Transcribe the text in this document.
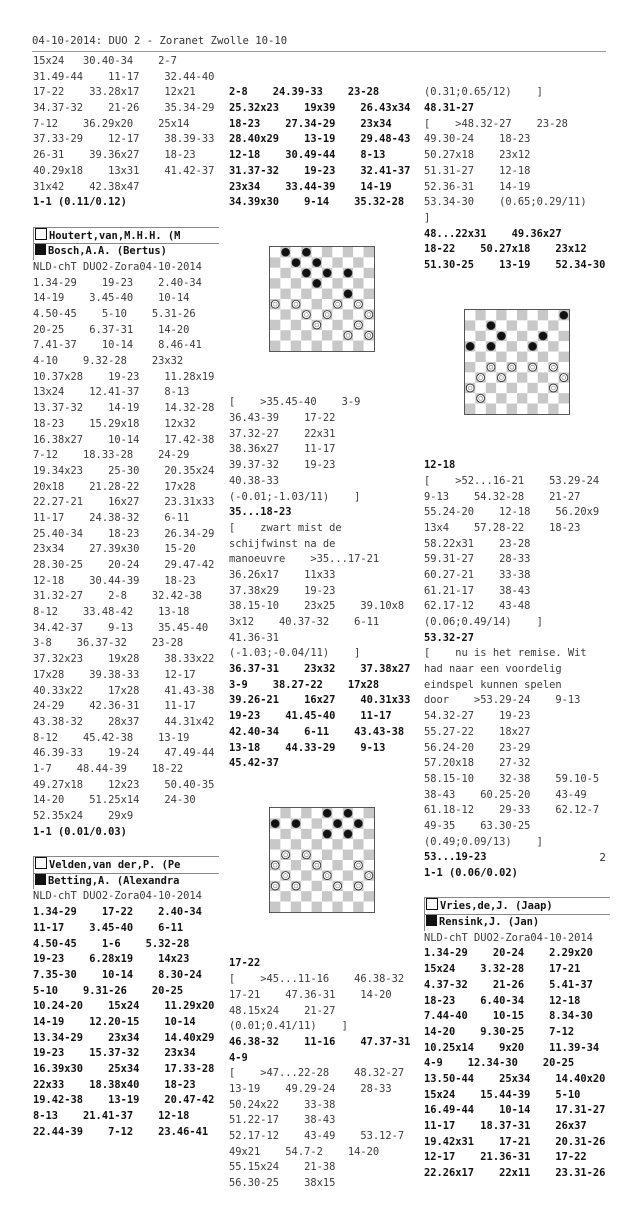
04-10-2014: DUO 2 - Zoranet Zwolle 10-10
15x24   30.40-34    2-7
31.49-44    11-17    32.44-40
17-22    33.28x17    12x21
34.37-32    21-26    35.34-29
7-12    36.29x20    25x14
37.33-29    12-17    38.39-33
26-31    39.36x27    18-23
40.29x18    13x31    41.42-37
31x42    42.38x47
1-1 (0.11/0.12)
Houtert,van,M.H.H. (M
Bosch,A.A. (Bertus)
NLD-chT DUO2-Zora04-10-2014
1.34-29    19-23    2.40-34
14-19    3.45-40    10-14
4.50-45    5-10    5.31-26
20-25    6.37-31    14-20
7.41-37    10-14    8.46-41
4-10    9.32-28    23x32
10.37x28    19-23    11.28x19
13x24    12.41-37    8-13
13.37-32    14-19    14.32-28
18-23    15.29x18    12x32
16.38x27    10-14    17.42-38
7-12    18.33-28    24-29
19.34x23    25-30    20.35x24
20x18    21.28-22    17x28
22.27-21    16x27    23.31x33
11-17    24.38-32    6-11
25.40-34    18-23    26.34-29
23x34    27.39x30    15-20
28.30-25    20-24    29.47-42
12-18    30.44-39    18-23
31.32-27    2-8    32.42-38
8-12    33.48-42    13-18
34.42-37    9-13    35.45-40
3-8    36.37-32    23-28
37.32x23    19x28    38.33x22
17x28    39.38-33    12-17
40.33x22    17x28    41.43-38
24-29    42.36-31    11-17
43.38-32    28x37    44.31x42
8-12    45.42-38    13-19
46.39-33    19-24    47.49-44
1-7    48.44-39    18-22
49.27x18    12x23    50.40-35
14-20    51.25x14    24-30
52.35x24    29x9
1-1 (0.01/0.03)
Velden,van der,P. (Pe
Betting,A. (Alexandra
NLD-chT DUO2-Zora04-10-2014
1.34-29    17-22    2.40-34
11-17    3.45-40    6-11
4.50-45    1-6    5.32-28
19-23    6.28x19    14x23
7.35-30    10-14    8.30-24
5-10    9.31-26    20-25
10.24-20    15x24    11.29x20
14-19    12.20-15    10-14
13.34-29    23x34    14.40x29
19-23    15.37-32    23x34
16.39x30    25x34    17.33-28
22x33    18.38x40    18-23
19.42-38    13-19    20.47-42
8-13    21.41-37    12-18
22.44-39    7-12    23.46-41

2-8    24.39-33    23-28
25.32x23    19x39    26.43x34
18-23    27.34-29    23x34
28.40x29    13-19    29.48-43
12-18    30.49-44    8-13
31.37-32    19-23    32.41-37
23x34    33.44-39    14-19
34.39x30    9-14    35.32-28

[    >35.45-40    3-9
36.43-39    17-22
37.32-27    22x31
38.36x27    11-17
39.37-32    19-23
40.38-33
(-0.01;-1.03/11)    ]
35...18-23
[    zwart mist de
schijfwinst na de
manoeuvre    >35...17-21
36.26x17    11x33
37.38x29    19-23
38.15-10    23x25    39.10x8
3x12    40.37-32    6-11
41.36-31
(-1.03;-0.04/11)    ]
36.37-31    23x32    37.38x27
3-9    38.27-22    17x28
39.26-21    16x27    40.31x33
19-23    41.45-40    11-17
42.40-34    6-11    43.43-38
13-18    44.33-29    9-13
45.42-37

17-22
[    >45...11-16    46.38-32
17-21    47.36-31    14-20
48.15x24    21-27
(0.01;0.41/11)    ]
46.38-32    11-16    47.37-31
4-9
[    >47...22-28    48.32-27
13-19    49.29-24    28-33
50.24x22    33-38
51.22-17    38-43
52.17-12    43-49    53.12-7
49x21    54.7-2    14-20
55.15x24    21-38
56.30-25    38x15

(0.31;0.65/12)    ]
48.31-27
[    >48.32-27    23-28
49.30-24    18-23
50.27x18    23x12
51.31-27    12-18
52.36-31    14-19
53.34-30    (0.65;0.29/11)
]
48...22x31    49.36x27
18-22    50.27x18    23x12
51.30-25    13-19    52.34-30

12-18
[    >52...16-21    53.29-24
9-13    54.32-28    21-27
55.24-20    12-18    56.20x9
13x4    57.28-22    18-23
58.22x31    23-28
59.31-27    28-33
60.27-21    33-38
61.21-17    38-43
62.17-12    43-48
(0.06;0.49/14)    ]
53.32-27
[    nu is het remise. Wit
had naar een voordelig
eindspel kunnen spelen
door    >53.29-24    9-13
54.32-27    19-23
55.27-22    18x27
56.24-20    23-29
57.20x18    27-32
58.15-10    32-38    59.10-5
38-43    60.25-20    43-49
61.18-12    29-33    62.12-7
49-35    63.30-25
(0.49;0.09/13)    ]
53...19-23
1-1 (0.06/0.02)
Vries,de,J. (Jaap)
Rensink,J. (Jan)
NLD-chT DUO2-Zora04-10-2014
1.34-29    20-24    2.29x20
15x24    3.32-28    17-21
4.37-32    21-26    5.41-37
18-23    6.40-34    12-18
7.44-40    10-15    8.34-30
14-20    9.30-25    7-12
10.25x14    9x20    11.39-34
4-9    12.34-30    20-25
13.50-44    25x34    14.40x20
15x24    15.44-39    5-10
16.49-44    10-14    17.31-27
11-17    18.37-31    26x37
19.42x31    17-21    20.31-26
12-17    21.36-31    17-22
22.26x17    22x11    23.31-26

2
